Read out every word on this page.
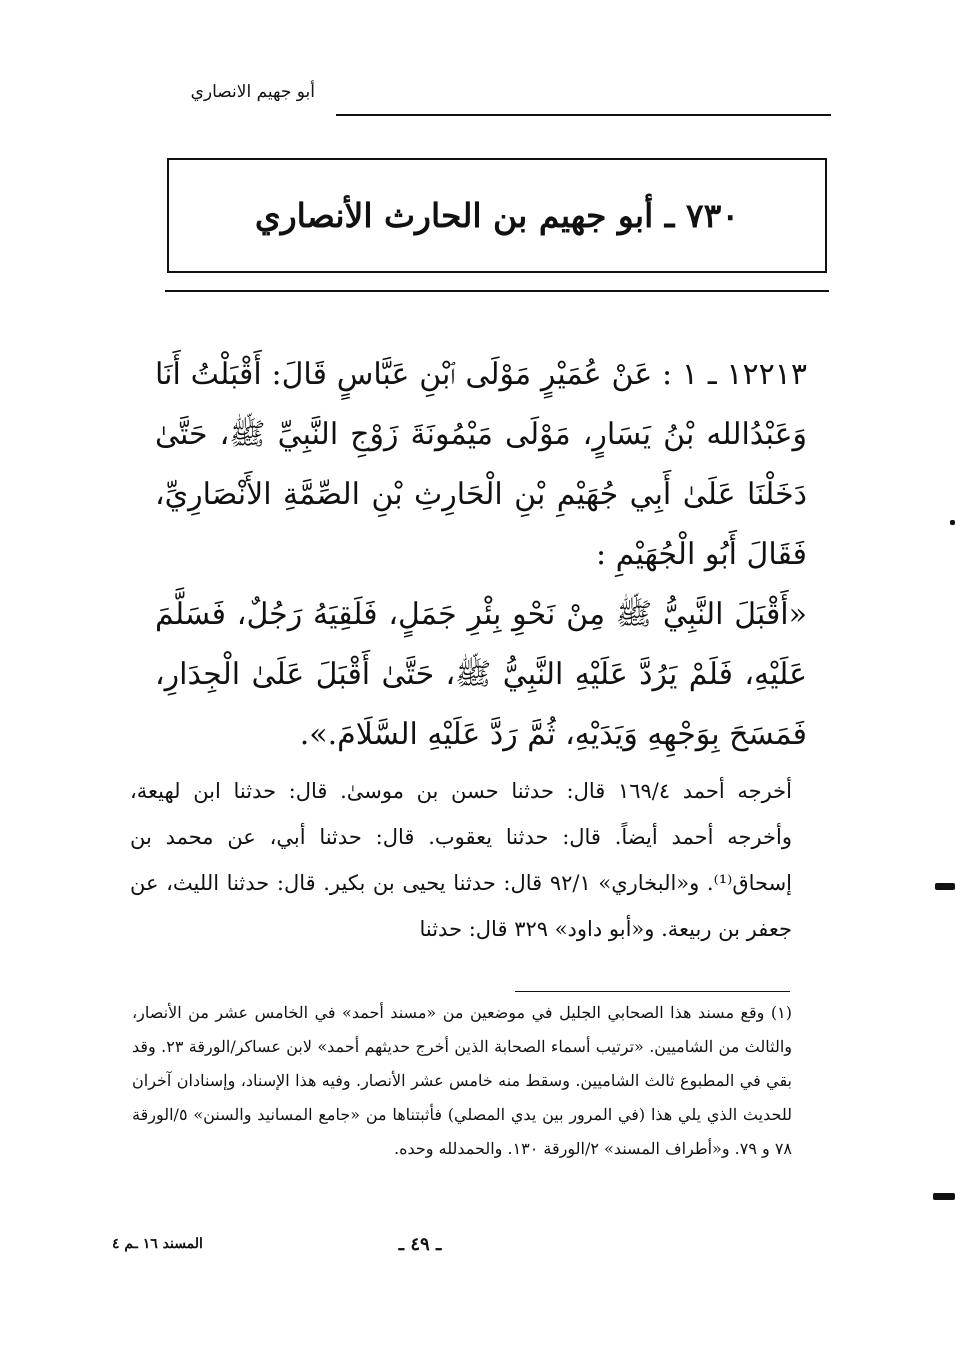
أبو جهيم الانصاري
٧٣٠ ـ أبو جهيم بن الحارث الأنصاري

١٢٢١٣ ـ ١ : عَنْ عُمَيْرٍ مَوْلَى ٱبْنِ عَبَّاسٍ قَالَ: أَقْبَلْتُ أَنَا وَعَبْدُالله بْنُ يَسَارٍ، مَوْلَى مَيْمُونَةَ زَوْجِ النَّبِيِّ ﷺ، حَتَّىٰ دَخَلْنَا عَلَىٰ أَبِي جُهَيْمِ بْنِ الْحَارِثِ بْنِ الصِّمَّةِ الأَنْصَارِيِّ، فَقَالَ أَبُو الْجُهَيْمِ :

«أَقْبَلَ النَّبِيُّ ﷺ مِنْ نَحْوِ بِئْرِ جَمَلٍ، فَلَقِيَهُ رَجُلٌ، فَسَلَّمَ عَلَيْهِ، فَلَمْ يَرُدَّ عَلَيْهِ النَّبِيُّ ﷺ، حَتَّىٰ أَقْبَلَ عَلَىٰ الْجِدَارِ، فَمَسَحَ بِوَجْهِهِ وَيَدَيْهِ، ثُمَّ رَدَّ عَلَيْهِ السَّلَامَ.».

أخرجه أحمد ١٦٩/٤ قال: حدثنا حسن بن موسىٰ. قال: حدثنا ابن لهيعة، وأخرجه أحمد أيضاً. قال: حدثنا يعقوب. قال: حدثنا أبي، عن محمد بن إسحاق⁽¹⁾. و«البخاري» ٩٢/١ قال: حدثنا يحيى بن بكير. قال: حدثنا الليث، عن جعفر بن ربيعة. و«أبو داود» ٣٢٩ قال: حدثنا

(١) وقع مسند هذا الصحابي الجليل في موضعين من «مسند أحمد» في الخامس عشر من الأنصار، والثالث من الشاميين. «ترتيب أسماء الصحابة الذين أخرج حديثهم أحمد» لابن عساكر/الورقة ٢٣. وقد بقي في المطبوع ثالث الشاميين. وسقط منه خامس عشر الأنصار. وفيه هذا الإسناد، وإسنادان آخران للحديث الذي يلي هذا (في المرور بين يدي المصلي) فأثبتناها من «جامع المسانيد والسنن» ٥/الورقة ٧٨ و ٧٩. و«أطراف المسند» ٢/الورقة ١٣٠. والحمدلله وحده.

ـ ٤٩ ـ
المسند ١٦ ـم ٤
